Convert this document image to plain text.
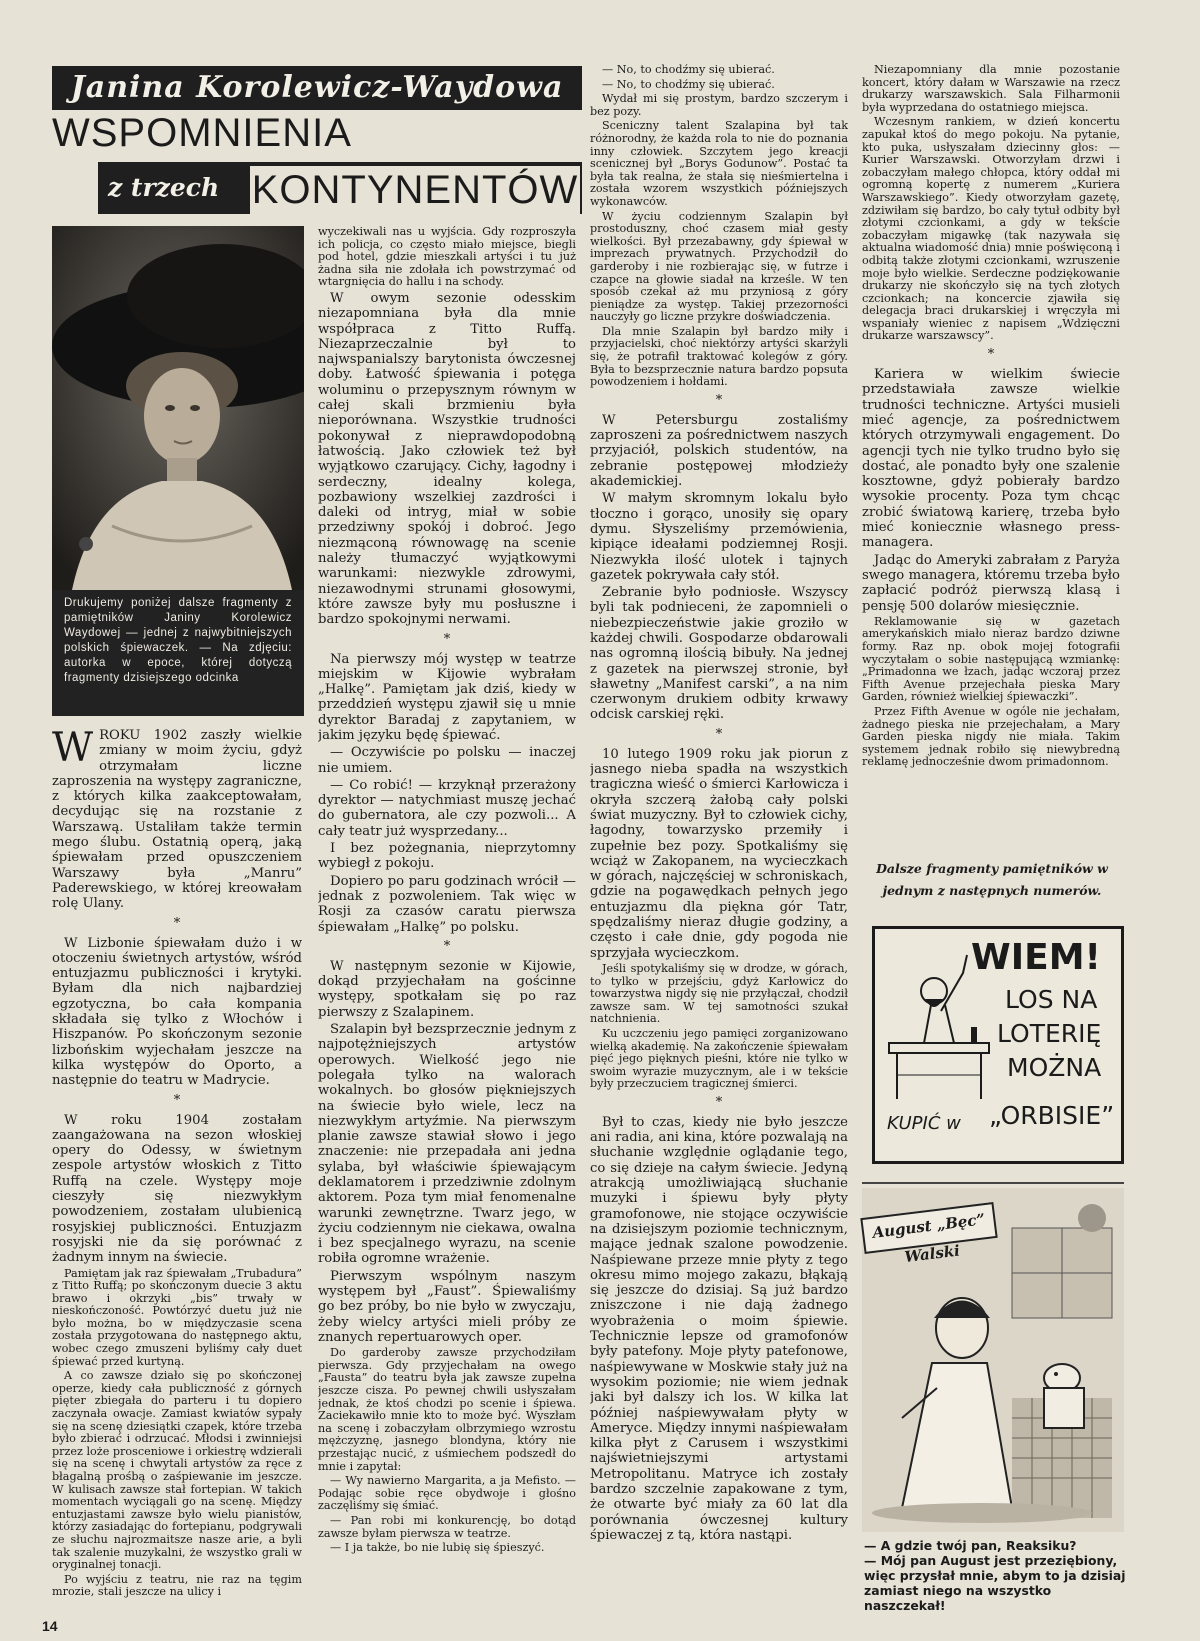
Janina Korolewicz-Waydowa
WSPOMNIENIA
z trzech KONTYNENTÓW
Drukujemy poniżej dalsze fragmenty z pamiętników Janiny Korolewicz Waydowej — jednej z najwybitniejszych polskich śpiewaczek. — Na zdjęciu: autorka w epoce, której dotyczą fragmenty dzisiejszego odcinka

WROKU 1902 zaszły wielkie zmiany w moim życiu, gdyż otrzymałam liczne zaproszenia na występy zagraniczne, z których kilka zaakceptowałam, decydując się na rozstanie z Warszawą. Ustaliłam także termin mego ślubu. Ostatnią operą, jaką śpiewałam przed opuszczeniem Warszawy była „Manru” Paderewskiego, w której kreowałam rolę Ulany.

*

W Lizbonie śpiewałam dużo i w otoczeniu świetnych artystów, wśród entuzjazmu publiczności i krytyki. Byłam dla nich najbardziej egzotyczna, bo cała kompania składała się tylko z Włochów i Hiszpanów. Po skończonym sezonie lizbońskim wyjechałam jeszcze na kilka występów do Oporto, a następnie do teatru w Madrycie.

*

W roku 1904 zostałam zaangażowana na sezon włoskiej opery do Odessy, w świetnym zespole artystów włoskich z Titto Ruffą na czele. Występy moje cieszyły się niezwykłym powodzeniem, zostałam ulubienicą rosyjskiej publiczności. Entuzjazm rosyjski nie da się porównać z żadnym innym na świecie.

Pamiętam jak raz śpiewałam „Trubadura” z Titto Ruffą; po skończonym duecie 3 aktu brawo i okrzyki „bis” trwały w nieskończoność. Powtórzyć duetu już nie było można, bo w międzyczasie scena została przygotowana do następnego aktu, wobec czego zmuszeni byliśmy cały duet śpiewać przed kurtyną.

A co zawsze działo się po skończonej operze, kiedy cała publiczność z górnych pięter zbiegała do parteru i tu dopiero zaczynała owacje. Zamiast kwiatów sypały się na scenę dziesiątki czapek, które trzeba było zbierać i odrzucać. Młodsi i zwinniejsi przez loże prosceniowe i orkiestrę wdzierali się na scenę i chwytali artystów za ręce z błagalną prośbą o zaśpiewanie im jeszcze. W kulisach zawsze stał fortepian. W takich momentach wyciągali go na scenę. Między entuzjastami zawsze było wielu pianistów, którzy zasiadając do fortepianu, podgrywali ze słuchu najrozmaitsze nasze arie, a byli tak szalenie muzykalni, że wszystko grali w oryginalnej tonacji.

Po wyjściu z teatru, nie raz na tęgim mrozie, stali jeszcze na ulicy i

wyczekiwali nas u wyjścia. Gdy rozproszyła ich policja, co często miało miejsce, biegli pod hotel, gdzie mieszkali artyści i tu już żadna siła nie zdołała ich powstrzymać od wtargnięcia do hallu i na schody.

W owym sezonie odesskim niezapomniana była dla mnie współpraca z Titto Ruffą. Niezaprzeczalnie był to najwspanialszy barytonista ówczesnej doby. Łatwość śpiewania i potęga woluminu o przepysznym równym w całej skali brzmieniu była nieporównana. Wszystkie trudności pokonywał z nieprawdopodobną łatwością. Jako człowiek też był wyjątkowo czarujący. Cichy, łagodny i serdeczny, idealny kolega, pozbawiony wszelkiej zazdrości i daleki od intryg, miał w sobie przedziwny spokój i dobroć. Jego niezmąconą równowagę na scenie należy tłumaczyć wyjątkowymi warunkami: niezwykle zdrowymi, niezawodnymi strunami głosowymi, które zawsze były mu posłuszne i bardzo spokojnymi nerwami.

*

Na pierwszy mój występ w teatrze miejskim w Kijowie wybrałam „Halkę”. Pamiętam jak dziś, kiedy w przeddzień występu zjawił się u mnie dyrektor Baradaj z zapytaniem, w jakim języku będę śpiewać.

— Oczywiście po polsku — inaczej nie umiem.

— Co robić! — krzyknął przerażony dyrektor — natychmiast muszę jechać do gubernatora, ale czy pozwoli... A cały teatr już wysprzedany...

I bez pożegnania, nieprzytomny wybiegł z pokoju.

Dopiero po paru godzinach wrócił — jednak z pozwoleniem. Tak więc w Rosji za czasów caratu pierwsza śpiewałam „Halkę” po polsku.

*

W następnym sezonie w Kijowie, dokąd przyjechałam na gościnne występy, spotkałam się po raz pierwszy z Szalapinem.

Szalapin był bezsprzecznie jednym z najpotężniejszych artystów operowych. Wielkość jego nie polegała tylko na walorach wokalnych. bo głosów piękniejszych na świecie było wiele, lecz na niezwykłym artyźmie. Na pierwszym planie zawsze stawiał słowo i jego znaczenie: nie przepadała ani jedna sylaba, był właściwie śpiewającym deklamatorem i przedziwnie zdolnym aktorem. Poza tym miał fenomenalne warunki zewnętrzne. Twarz jego, w życiu codziennym nie ciekawa, owalna i bez specjalnego wyrazu, na scenie robiła ogromne wrażenie.

Pierwszym wspólnym naszym występem był „Faust”. Śpiewaliśmy go bez próby, bo nie było w zwyczaju, żeby wielcy artyści mieli próby ze znanych repertuarowych oper.

Do garderoby zawsze przychodziłam pierwsza. Gdy przyjechałam na owego „Fausta” do teatru była jak zawsze zupełna jeszcze cisza. Po pewnej chwili usłyszałam jednak, że ktoś chodzi po scenie i śpiewa. Zaciekawiło mnie kto to może być. Wyszłam na scenę i zobaczyłam olbrzymiego wzrostu mężczyznę, jasnego blondyna, który nie przestając nucić, z uśmiechem podszedł do mnie i zapytał:

— Wy nawierno Margarita, a ja Mefisto. — Podając sobie ręce obydwoje i głośno zaczęliśmy się śmiać.

— Pan robi mi konkurencję, bo dotąd zawsze byłam pierwsza w teatrze.

— I ja także, bo nie lubię się śpieszyć.

— No, to chodźmy się ubierać.

— No, to chodźmy się ubierać.

Wydał mi się prostym, bardzo szczerym i bez pozy.

Sceniczny talent Szalapina był tak różnorodny, że każda rola to nie do poznania inny człowiek. Szczytem jego kreacji scenicznej był „Borys Godunow”. Postać ta była tak realna, że stała się nieśmiertelna i została wzorem wszystkich późniejszych wykonawców.

W życiu codziennym Szalapin był prostoduszny, choć czasem miał gesty wielkości. Był przezabawny, gdy śpiewał w imprezach prywatnych. Przychodził do garderoby i nie rozbierając się, w futrze i czapce na głowie siadał na krześle. W ten sposób czekał aż mu przyniosą z góry pieniądze za występ. Takiej przezorności nauczyły go liczne przykre doświadczenia.

Dla mnie Szalapin był bardzo miły i przyjacielski, choć niektórzy artyści skarżyli się, że potrafił traktować kolegów z góry. Była to bezsprzecznie natura bardzo popsuta powodzeniem i hołdami.

*

W Petersburgu zostaliśmy zaproszeni za pośrednictwem naszych przyjaciół, polskich studentów, na zebranie postępowej młodzieży akademickiej.

W małym skromnym lokalu było tłoczno i gorąco, unosiły się opary dymu. Słyszeliśmy przemówienia, kipiące ideałami podziemnej Rosji. Niezwykła ilość ulotek i tajnych gazetek pokrywała cały stół.

Zebranie było podniosłe. Wszyscy byli tak podnieceni, że zapomnieli o niebezpieczeństwie jakie groziło w każdej chwili. Gospodarze obdarowali nas ogromną ilością bibuły. Na jednej z gazetek na pierwszej stronie, był sławetny „Manifest carski”, a na nim czerwonym drukiem odbity krwawy odcisk carskiej ręki.

*

10 lutego 1909 roku jak piorun z jasnego nieba spadła na wszystkich tragiczna wieść o śmierci Karłowicza i okryła szczerą żałobą cały polski świat muzyczny. Był to człowiek cichy, łagodny, towarzysko przemiły i zupełnie bez pozy. Spotkaliśmy się wciąż w Zakopanem, na wycieczkach w górach, najczęściej w schroniskach, gdzie na pogawędkach pełnych jego entuzjazmu dla piękna gór Tatr, spędzaliśmy nieraz długie godziny, a często i całe dnie, gdy pogoda nie sprzyjała wycieczkom.

Jeśli spotykaliśmy się w drodze, w górach, to tylko w przejściu, gdyż Karłowicz do towarzystwa nigdy się nie przyłączał, chodził zawsze sam. W tej samotności szukał natchnienia.

Ku uczczeniu jego pamięci zorganizowano wielką akademię. Na zakończenie śpiewałam pięć jego pięknych pieśni, które nie tylko w swoim wyrazie muzycznym, ale i w tekście były przeczuciem tragicznej śmierci.

*

Był to czas, kiedy nie było jeszcze ani radia, ani kina, które pozwalają na słuchanie względnie oglądanie tego, co się dzieje na całym świecie. Jedyną atrakcją umożliwiającą słuchanie muzyki i śpiewu były płyty gramofonowe, nie stojące oczywiście na dzisiejszym poziomie technicznym, mające jednak szalone powodzenie. Naśpiewane przeze mnie płyty z tego okresu mimo mojego zakazu, błąkają się jeszcze do dzisiaj. Są już bardzo zniszczone i nie dają żadnego wyobrażenia o moim śpiewie. Technicznie lepsze od gramofonów były patefony. Moje płyty patefonowe, naśpiewywane w Moskwie stały już na wysokim poziomie; nie wiem jednak jaki był dalszy ich los. W kilka lat później naśpiewywałam płyty w Ameryce. Między innymi naśpiewałam kilka płyt z Carusem i wszystkimi najświetniejszymi artystami Metropolitanu. Matryce ich zostały bardzo szczelnie zapakowane z tym, że otwarte być miały za 60 lat dla porównania ówczesnej kultury śpiewaczej z tą, która nastąpi.

Niezapomniany dla mnie pozostanie koncert, który dałam w Warszawie na rzecz drukarzy warszawskich. Sala Filharmonii była wyprzedana do ostatniego miejsca.

Wczesnym rankiem, w dzień koncertu zapukał ktoś do mego pokoju. Na pytanie, kto puka, usłyszałam dziecinny głos: — Kurier Warszawski. Otworzyłam drzwi i zobaczyłam małego chłopca, który oddał mi ogromną kopertę z numerem „Kuriera Warszawskiego”. Kiedy otworzyłam gazetę, zdziwiłam się bardzo, bo cały tytuł odbity był złotymi czcionkami, a gdy w tekście zobaczyłam migawkę (tak nazywała się aktualna wiadomość dnia) mnie poświęconą i odbitą także złotymi czcionkami, wzruszenie moje było wielkie. Serdeczne podziękowanie drukarzy nie skończyło się na tych złotych czcionkach; na koncercie zjawiła się delegacja braci drukarskiej i wręczyła mi wspaniały wieniec z napisem „Wdzięczni drukarze warszawscy”.

*

Kariera w wielkim świecie przedstawiała zawsze wielkie trudności techniczne. Artyści musieli mieć agencje, za pośrednictwem których otrzymywali engagement. Do agencji tych nie tylko trudno było się dostać, ale ponadto były one szalenie kosztowne, gdyż pobierały bardzo wysokie procenty. Poza tym chcąc zrobić światową karierę, trzeba było mieć koniecznie własnego press-managera.

Jadąc do Ameryki zabrałam z Paryża swego managera, któremu trzeba było zapłacić podróż pierwszą klasą i pensję 500 dolarów miesięcznie.

Reklamowanie się w gazetach amerykańskich miało nieraz bardzo dziwne formy. Raz np. obok mojej fotografii wyczytałam o sobie następującą wzmiankę: „Primadonna we łzach, jadąc wczoraj przez Fifth Avenue przejechała pieska Mary Garden, również wielkiej śpiewaczki”.

Przez Fifth Avenue w ogóle nie jechałam, żadnego pieska nie przejechałam, a Mary Garden pieska nigdy nie miała. Takim systemem jednak robiło się niewybredną reklamę jednocześnie dwom primadonnom.

Dalsze fragmenty pamiętników w jednym z następnych numerów.
WIEM!
LOS NA
LOTERIĘ
MOŻNA
KUPIĆ w „ORBISIE”
August „Bęc” Walski
— A gdzie twój pan, Reaksiku?
— Mój pan August jest przeziębiony, więc przysłał mnie, abym to ja dzisiaj zamiast niego na wszystko naszczekał!
14
